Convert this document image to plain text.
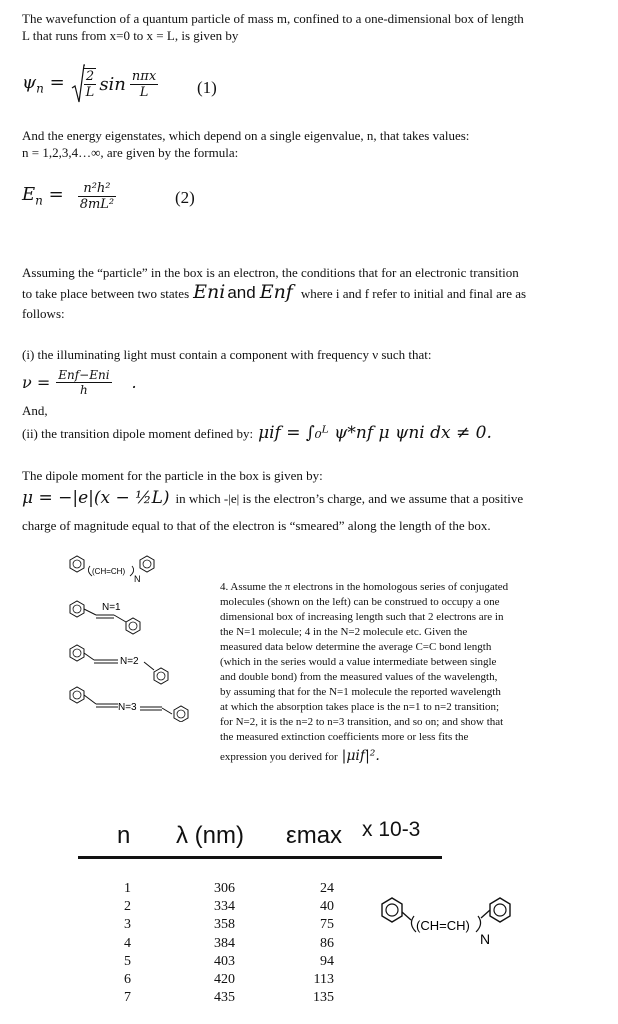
The wavefunction of a quantum particle of mass m, confined to a one-dimensional box of length
L that runs from x=0 to x = L, is given by
$\psi_n = \frac{2}{L}$ $\sin \frac{\text{nπx}}{L} (1)$
And the energy eigenstates, which depend on a single eigenvalue, n, that takes values:
n = 1,2,3,4…∞, are given by the formula:
$E_n = \frac{\text{n²h²}}{\text{8mL²}}$	(2)
Assuming the “particle” in the box is an electron, the conditions that for an electronic transition
to take place between two states Eni and Enf where i and f refer to initial and final are as
follows:
(i) the illuminating light must contain a component with frequency ν such that:
$\nu = \frac{\text{Enf−Eni}}{h}$ .
And,
(ii) the transition dipole moment defined by: μif = ∫₀ᴸ ψ*nf μ ψni dx ≠ 0.
The dipole moment for the particle in the box is given by:
μ = −|e|(x − ½L) in which -|e| is the electron’s charge, and we assume that a positive
charge of magnitude equal to that of the electron is “smeared” along the length of the box.
(CH=CH)
N
N=1
N=2
N=3
4. Assume the π electrons in the homologous series of conjugated
molecules (shown on the left) can be construed to occupy a one
dimensional box of increasing length such that 2 electrons are in
the N=1 molecule; 4 in the N=2 molecule etc. Given the
measured data below determine the average C=C bond length
(which in the series would a value intermediate between single
and double bond) from the measured values of the wavelength,
by assuming that for the N=1 molecule the reported wavelength
at which the absorption takes place is the n=1 to n=2 transition;
for N=2, it is the n=2 to n=3 transition, and so on; and show that
the measured extinction coefficients more or less fits the
expression you derived for |μif|².
n λ (nm) εmax x 10-3
1
2
3
4
5
6
7
306
334
358
384
403
420
435
24
40
75
86
94
113
135
(CH=CH)
N
